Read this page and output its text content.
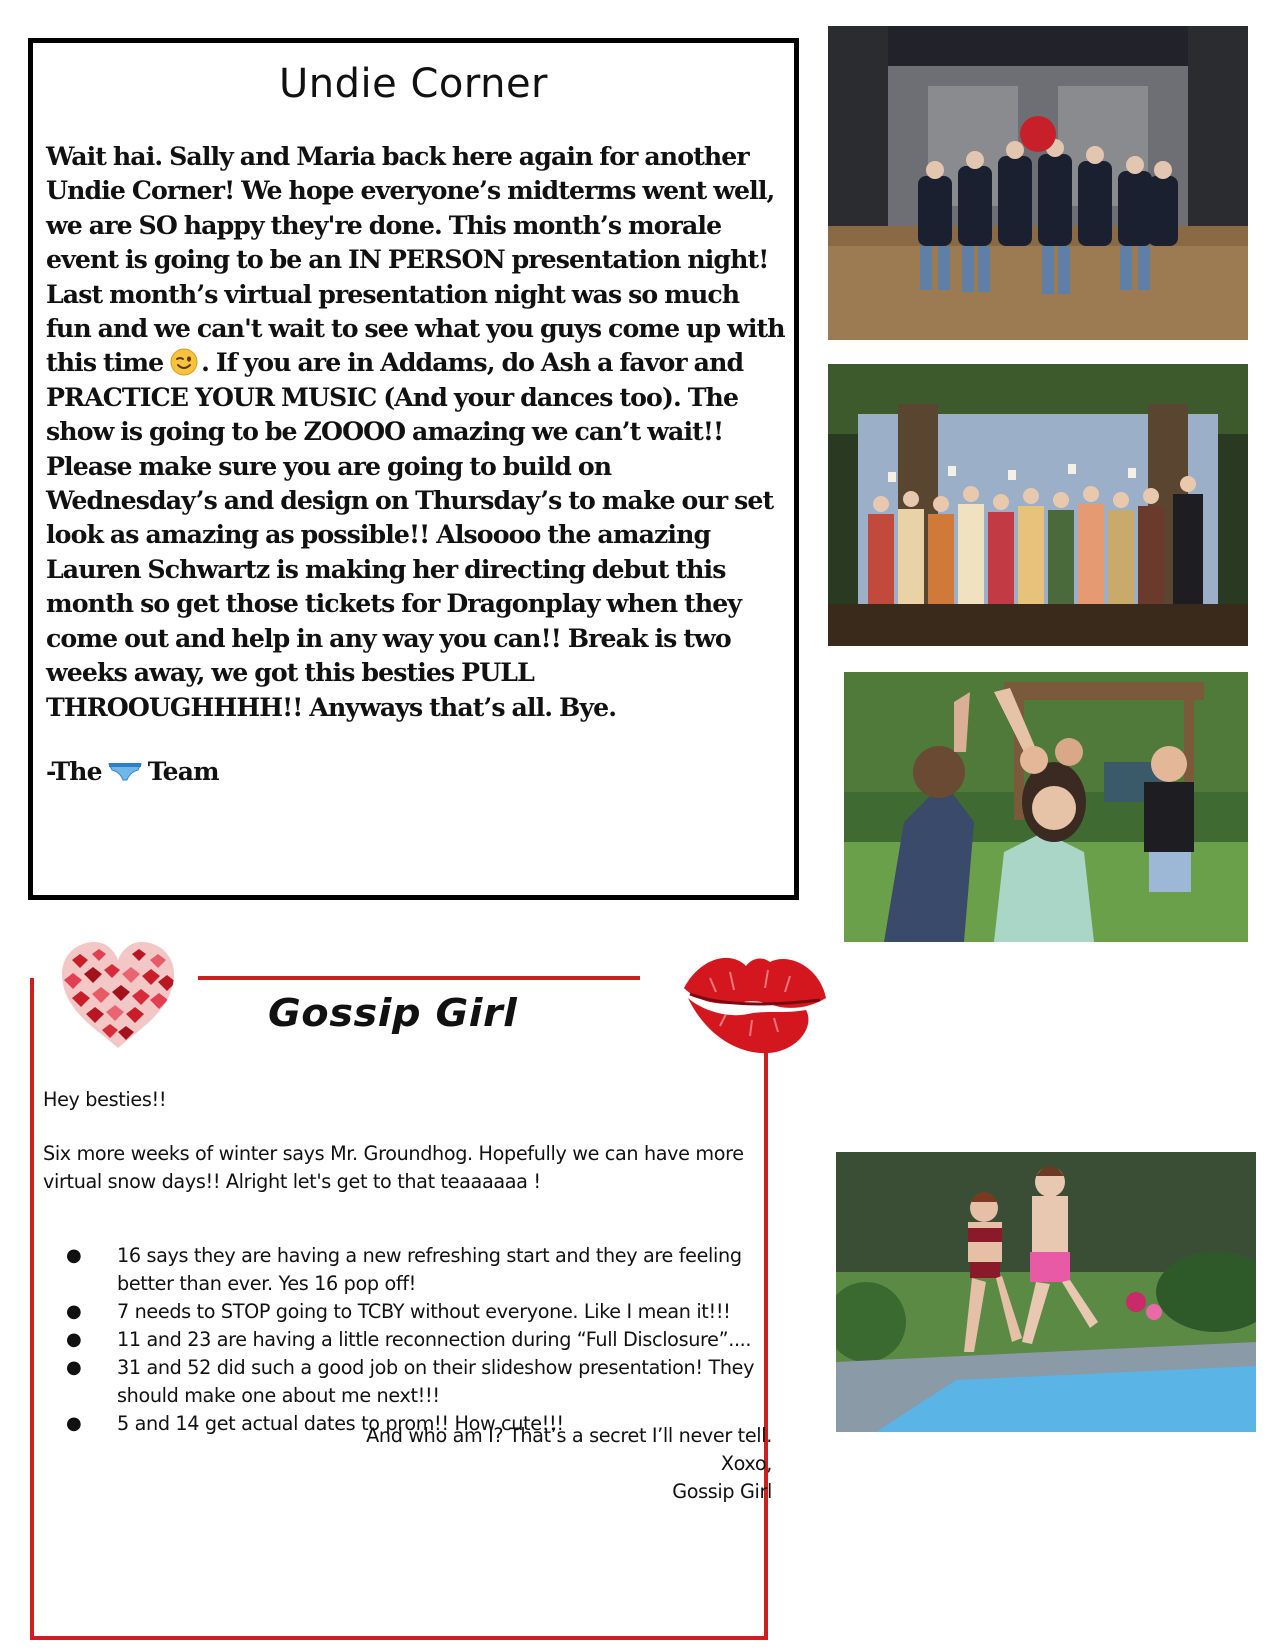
Undie Corner

Wait hai. Sally and Maria back here again for another Undie Corner! We hope everyone’s midterms went well, we are SO happy they're done. This month’s morale event is going to be an IN PERSON presentation night! Last month’s virtual presentation night was so much fun and we can't wait to see what you guys come up with this time . If you are in Addams, do Ash a favor and PRACTICE YOUR MUSIC (And your dances too). The show is going to be ZOOOO amazing we can’t wait!! Please make sure you are going to build on Wednesday’s and design on Thursday’s to make our set look as amazing as possible!! Alsoooo the amazing Lauren Schwartz is making her directing debut this month so get those tickets for Dragonplay when they come out and help in any way you can!! Break is two weeks away, we got this besties PULL THROOUGHHHH!! Anyways that’s all. Bye.

-The Team

Gossip Girl

Hey besties!!

Six more weeks of winter says Mr. Groundhog. Hopefully we can have more virtual snow days!! Alright let's get to that teaaaaaa !

● 16 says they are having a new refreshing start and they are feeling better than ever. Yes 16 pop off!
● 7 needs to STOP going to TCBY without everyone. Like I mean it!!!
● 11 and 23 are having a little reconnection during “Full Disclosure”....
● 31 and 52 did such a good job on their slideshow presentation! They should make one about me next!!!
● 5 and 14 get actual dates to prom!! How cute!!!

And who am I? That’s a secret I’ll never tell.
Xoxo,
Gossip Girl
